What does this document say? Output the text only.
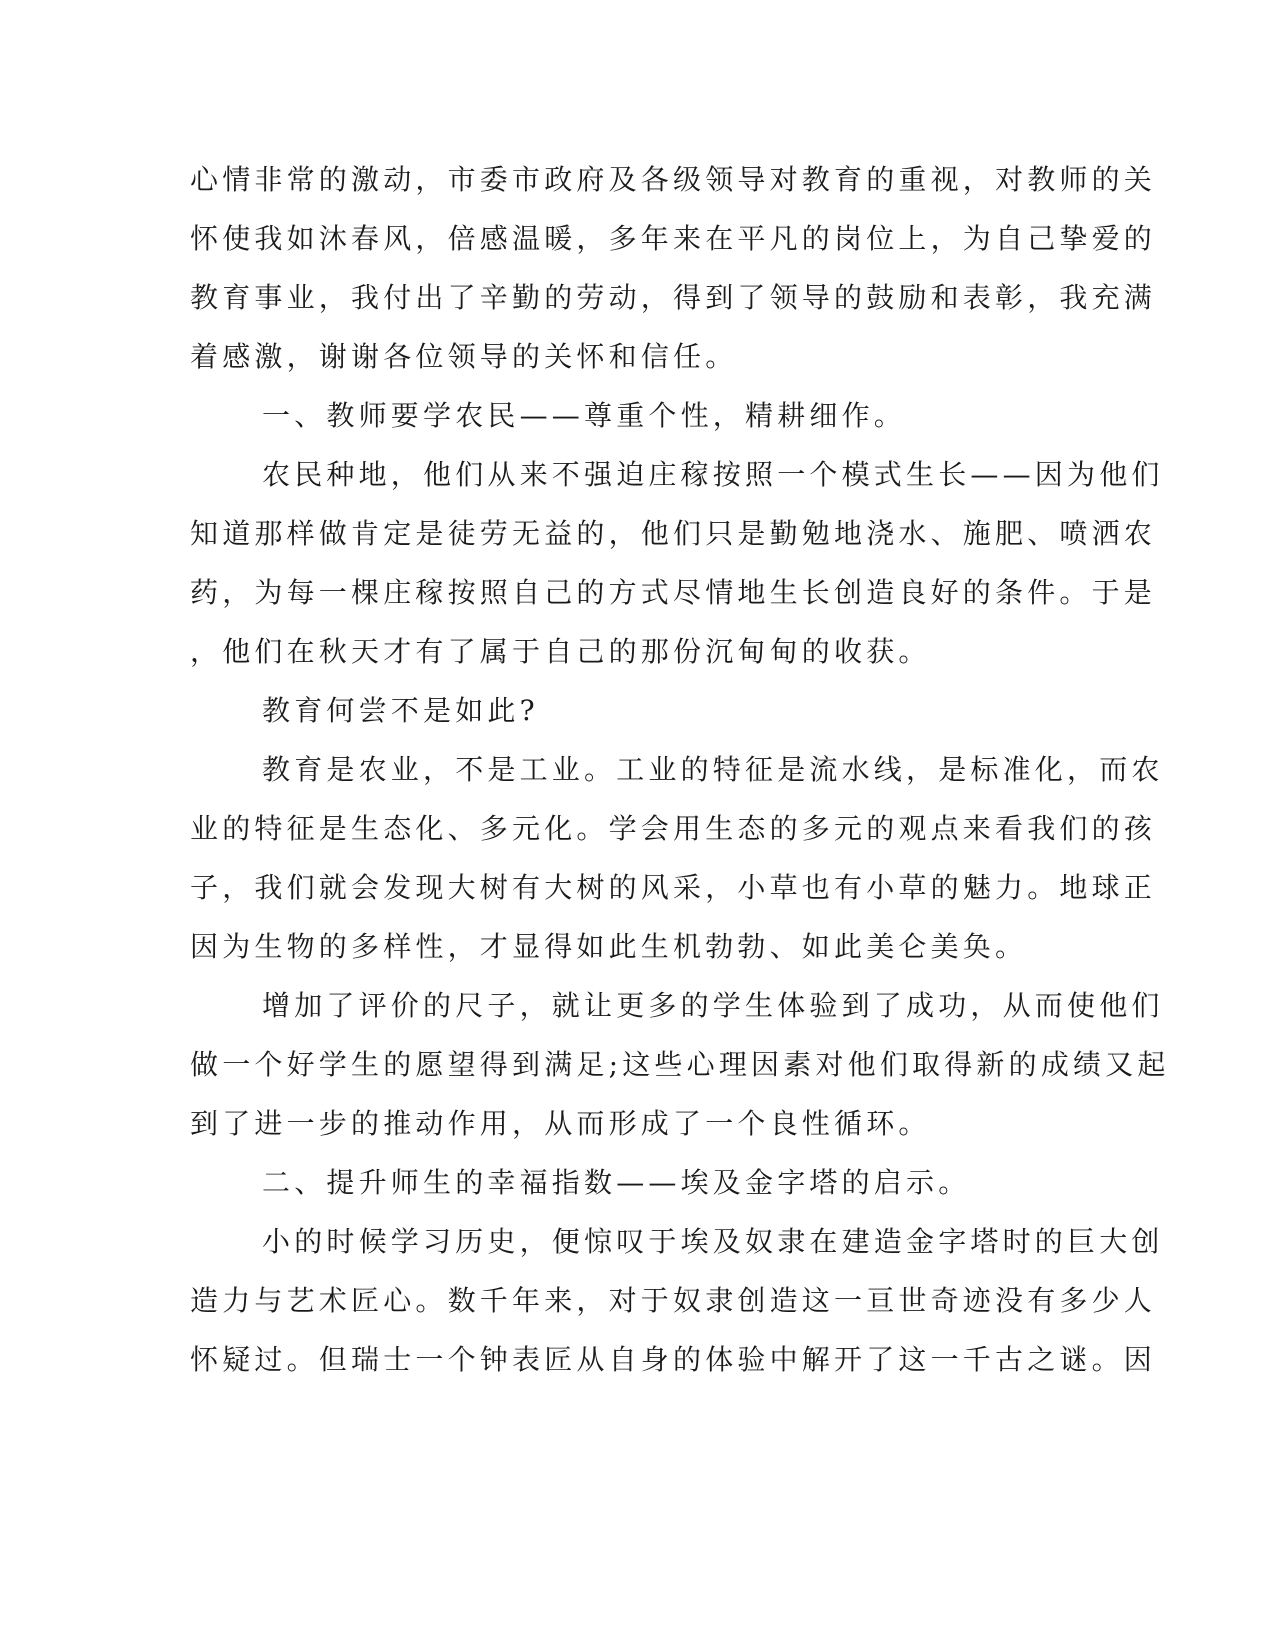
心情非常的激动，市委市政府及各级领导对教育的重视，对教师的关
怀使我如沐春风，倍感温暖，多年来在平凡的岗位上，为自己挚爱的
教育事业，我付出了辛勤的劳动，得到了领导的鼓励和表彰，我充满
着感激，谢谢各位领导的关怀和信任。
一、教师要学农民——尊重个性，精耕细作。
农民种地，他们从来不强迫庄稼按照一个模式生长——因为他们
知道那样做肯定是徒劳无益的，他们只是勤勉地浇水、施肥、喷洒农
药，为每一棵庄稼按照自己的方式尽情地生长创造良好的条件。于是
，他们在秋天才有了属于自己的那份沉甸甸的收获。
教育何尝不是如此?
教育是农业，不是工业。工业的特征是流水线，是标准化，而农
业的特征是生态化、多元化。学会用生态的多元的观点来看我们的孩
子，我们就会发现大树有大树的风采，小草也有小草的魅力。地球正
因为生物的多样性，才显得如此生机勃勃、如此美仑美奂。
增加了评价的尺子，就让更多的学生体验到了成功，从而使他们
做一个好学生的愿望得到满足;这些心理因素对他们取得新的成绩又起
到了进一步的推动作用，从而形成了一个良性循环。
二、提升师生的幸福指数——埃及金字塔的启示。
小的时候学习历史，便惊叹于埃及奴隶在建造金字塔时的巨大创
造力与艺术匠心。数千年来，对于奴隶创造这一亘世奇迹没有多少人
怀疑过。但瑞士一个钟表匠从自身的体验中解开了这一千古之谜。因
